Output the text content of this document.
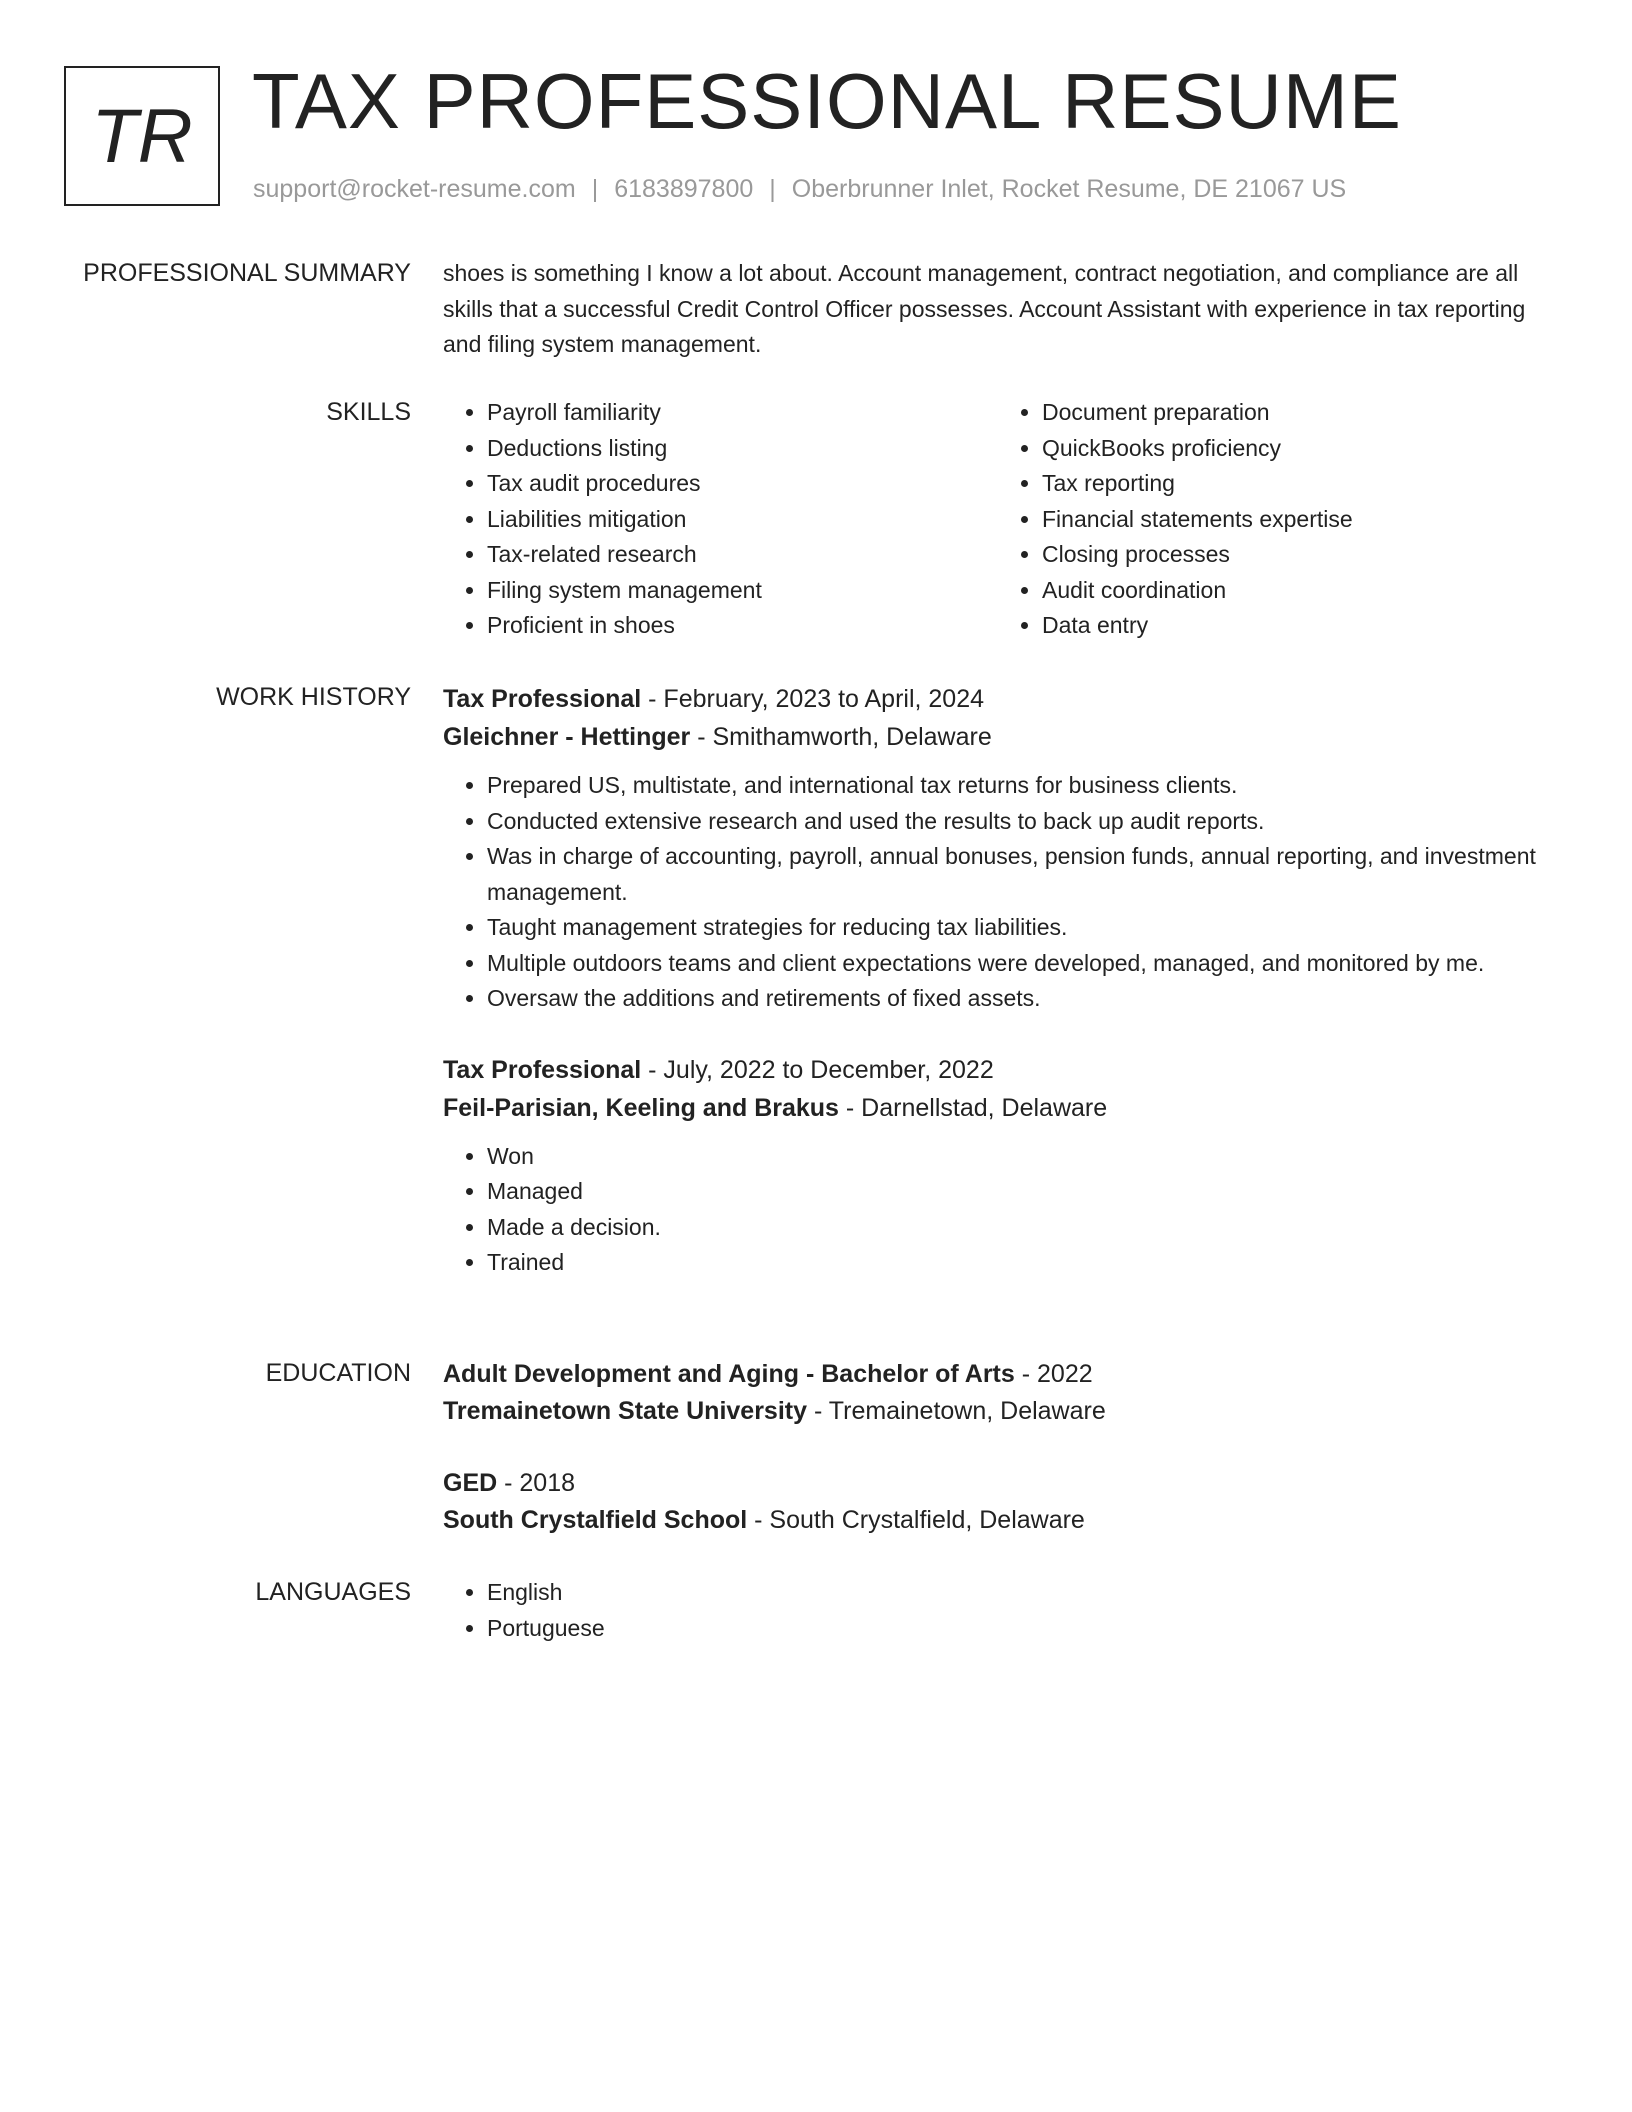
TR TAX PROFESSIONAL RESUME
support@rocket-resume.com | 6183897800 | Oberbrunner Inlet, Rocket Resume, DE 21067 US
PROFESSIONAL SUMMARY shoes is something I know a lot about. Account management, contract negotiation, and compliance are all skills that a successful Credit Control Officer possesses. Account Assistant with experience in tax reporting and filing system management.

SKILLS	• Payroll familiarity
• Deductions listing
• Tax audit procedures
• Liabilities mitigation
• Tax-related research
• Filing system management
• Proficient in shoes
• Document preparation
• QuickBooks proficiency
• Tax reporting
• Financial statements expertise
• Closing processes
• Audit coordination
• Data entry
WORK HISTORY Tax Professional - February, 2023 to April, 2024
Gleichner - Hettinger - Smithamworth, Delaware
• Prepared US, multistate, and international tax returns for business clients.
• Conducted extensive research and used the results to back up audit reports.
• Was in charge of accounting, payroll, annual bonuses, pension funds, annual reporting, and investment management.
• Taught management strategies for reducing tax liabilities.
• Multiple outdoors teams and client expectations were developed, managed, and monitored by me.
• Oversaw the additions and retirements of fixed assets.
Tax Professional - July, 2022 to December, 2022
Feil-Parisian, Keeling and Brakus - Darnellstad, Delaware
• Won
• Managed
• Made a decision.
• Trained
EDUCATION Adult Development and Aging - Bachelor of Arts - 2022
Tremainetown State University - Tremainetown, Delaware
GED - 2018
South Crystalfield School - South Crystalfield, Delaware
LANGUAGES	• English
• Portuguese
